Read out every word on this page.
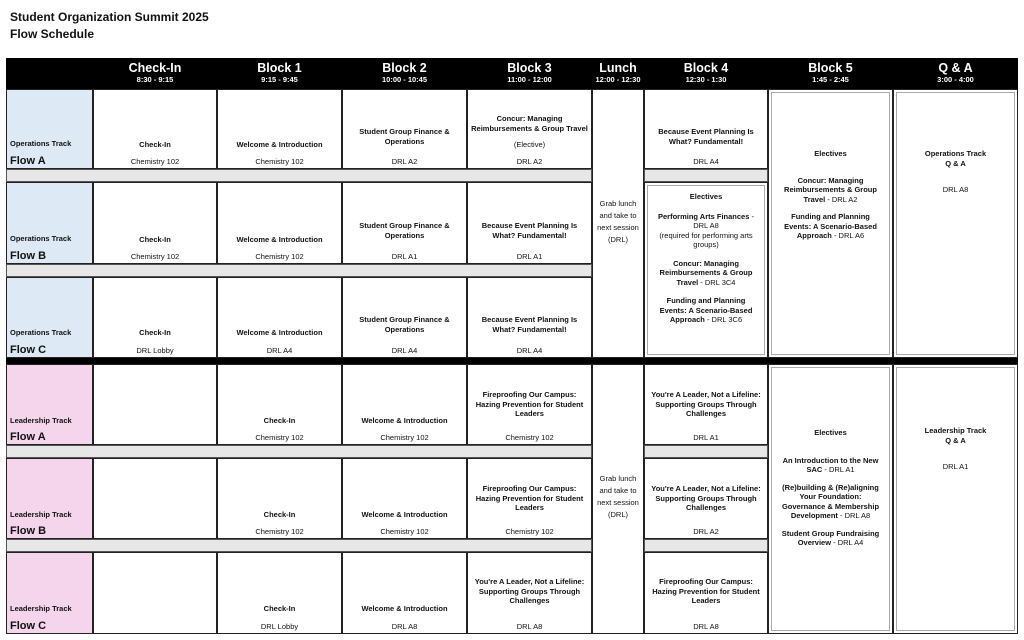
Student Organization Summit 2025
Flow Schedule
Check-In
8:30 - 9:15
Block 1
9:15 - 9:45
Block 2
10:00 - 10:45
Block 3
11:00 - 12:00
Lunch
12:00 - 12:30
Block 4
12:30 - 1:30
Block 5
1:45 - 2:45
Q & A
3:00 - 4:00
Operations Track
Flow A
Check-In
Chemistry 102
Welcome & Introduction
Chemistry 102
Student Group Finance & Operations
DRL A2
Concur: Managing Reimbursements & Group Travel
(Elective)
DRL A2
Because Event Planning Is What? Fundamental!
DRL A4
Operations Track
Flow B
Check-In
Chemistry 102
Welcome & Introduction
Chemistry 102
Student Group Finance & Operations
DRL A1
Because Event Planning Is What? Fundamental!
DRL A1
Operations Track
Flow C
Check-In
DRL Lobby
Welcome & Introduction
DRL A4
Student Group Finance & Operations
DRL A4
Because Event Planning Is What? Fundamental!
DRL A4
Grab lunch and take to next session (DRL)
Electives
Performing Arts Finances - DRL A8
(required for performing arts groups)
Concur: Managing Reimbursements & Group Travel - DRL 3C4
Funding and Planning Events: A Scenario-Based Approach - DRL 3C6
Electives
Concur: Managing Reimbursements & Group Travel - DRL A2
Funding and Planning Events: A Scenario-Based Approach - DRL A6
Operations Track
Q & A
DRL A8
Leadership Track
Flow A
Check-In
Chemistry 102
Welcome & Introduction
Chemistry 102
Fireproofing Our Campus: Hazing Prevention for Student Leaders
Chemistry 102
You're A Leader, Not a Lifeline: Supporting Groups Through Challenges
DRL A1
Leadership Track
Flow B
Check-In
Chemistry 102
Welcome & Introduction
Chemistry 102
Fireproofing Our Campus: Hazing Prevention for Student Leaders
Chemistry 102
You're A Leader, Not a Lifeline: Supporting Groups Through Challenges
DRL A2
Leadership Track
Flow C
Check-In
DRL Lobby
Welcome & Introduction
DRL A8
You're A Leader, Not a Lifeline: Supporting Groups Through Challenges
DRL A8
Fireproofing Our Campus: Hazing Prevention for Student Leaders
DRL A8
Grab lunch and take to next session (DRL)
Electives
An Introduction to the New SAC - DRL A1
(Re)building & (Re)aligning Your Foundation: Governance & Membership Development - DRL A8
Student Group Fundraising Overview - DRL A4
Leadership Track
Q & A
DRL A1
